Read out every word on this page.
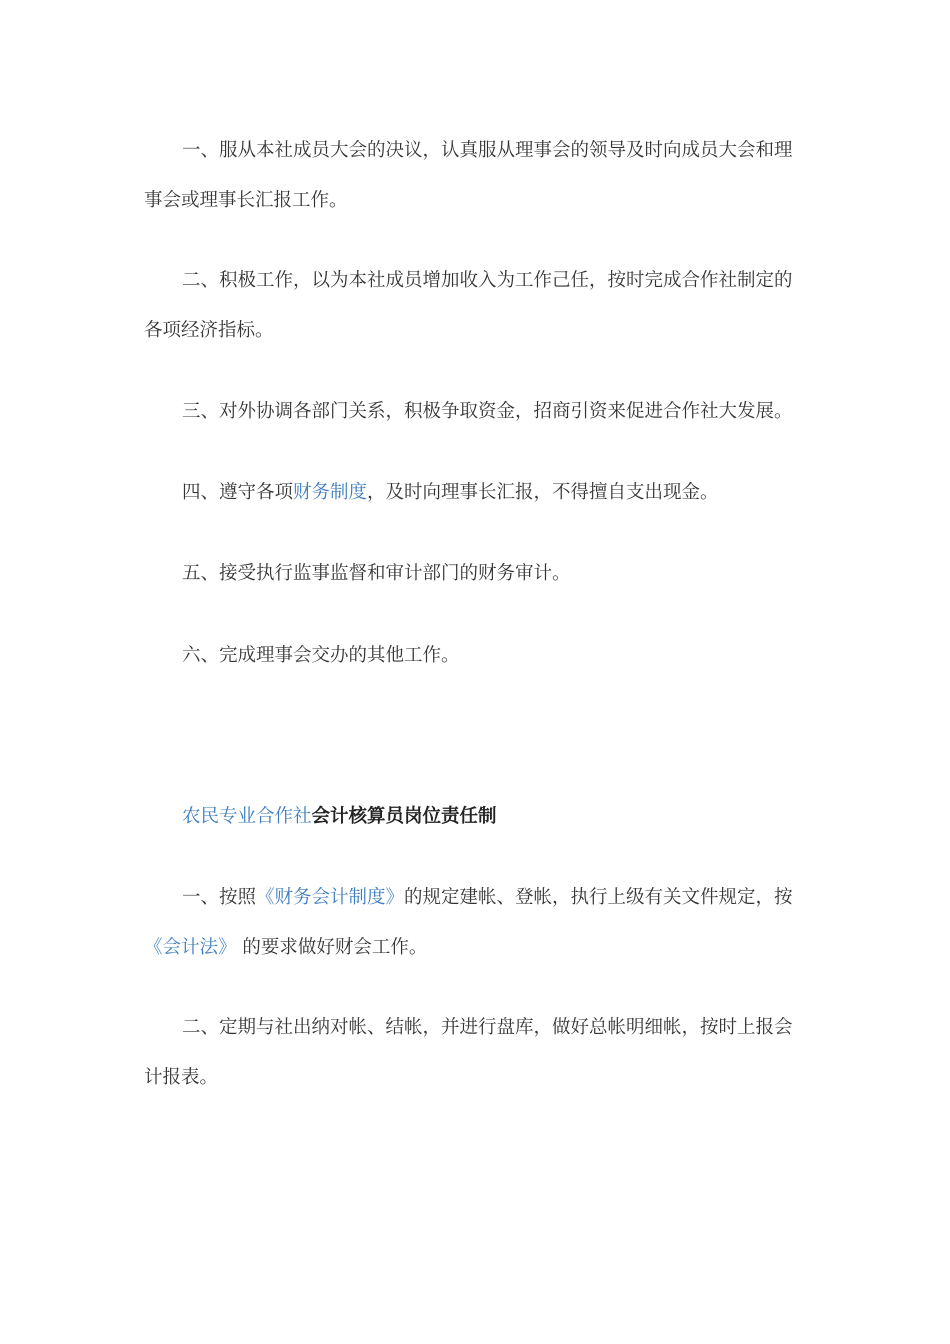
一、服从本社成员大会的决议，认真服从理事会的领导及时向成员大会和理事会或理事长汇报工作。

二、积极工作，以为本社成员增加收入为工作己任，按时完成合作社制定的各项经济指标。

三、对外协调各部门关系，积极争取资金，招商引资来促进合作社大发展。

四、遵守各项财务制度，及时向理事长汇报，不得擅自支出现金。

五、接受执行监事监督和审计部门的财务审计。

六、完成理事会交办的其他工作。

农民专业合作社会计核算员岗位责任制

一、按照《财务会计制度》的规定建帐、登帐，执行上级有关文件规定，按《会计法》 的要求做好财会工作。

二、定期与社出纳对帐、结帐，并进行盘库，做好总帐明细帐，按时上报会计报表。
